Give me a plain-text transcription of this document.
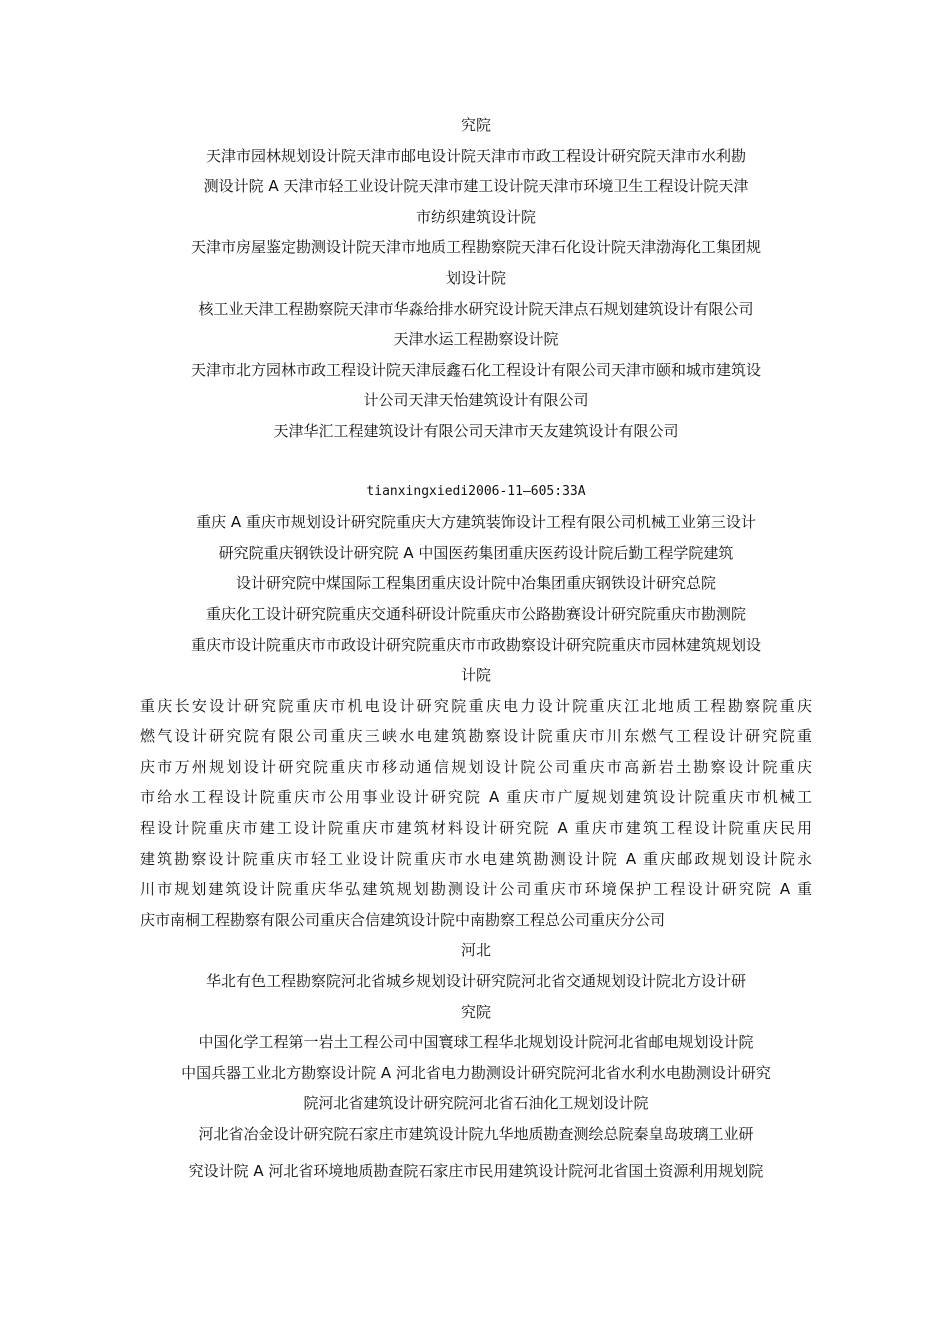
究院
天津市园林规划设计院天津市邮电设计院天津市市政工程设计研究院天津市水利勘
测设计院 A 天津市轻工业设计院天津市建工设计院天津市环境卫生工程设计院天津
市纺织建筑设计院
天津市房屋鉴定勘测设计院天津市地质工程勘察院天津石化设计院天津渤海化工集团规
划设计院
核工业天津工程勘察院天津市华淼给排水研究设计院天津点石规划建筑设计有限公司
天津水运工程勘察设计院
天津市北方园林市政工程设计院天津辰鑫石化工程设计有限公司天津市颐和城市建筑设
计公司天津天怡建筑设计有限公司
天津华汇工程建筑设计有限公司天津市天友建筑设计有限公司
tianxingxiedi2006-11—605:33A
重庆 A 重庆市规划设计研究院重庆大方建筑装饰设计工程有限公司机械工业第三设计
研究院重庆钢铁设计研究院 A 中国医药集团重庆医药设计院后勤工程学院建筑
设计研究院中煤国际工程集团重庆设计院中冶集团重庆钢铁设计研究总院
重庆化工设计研究院重庆交通科研设计院重庆市公路勘赛设计研究院重庆市勘测院
重庆市设计院重庆市市政设计研究院重庆市市政勘察设计研究院重庆市园林建筑规划设
计院
重庆长安设计研究院重庆市机电设计研究院重庆电力设计院重庆江北地质工程勘察院重庆
燃气设计研究院有限公司重庆三峡水电建筑勘察设计院重庆市川东燃气工程设计研究院重
庆市万州规划设计研究院重庆市移动通信规划设计院公司重庆市高新岩土勘察设计院重庆
市给水工程设计院重庆市公用事业设计研究院 A 重庆市广厦规划建筑设计院重庆市机械工
程设计院重庆市建工设计院重庆市建筑材料设计研究院 A 重庆市建筑工程设计院重庆民用
建筑勘察设计院重庆市轻工业设计院重庆市水电建筑勘测设计院 A 重庆邮政规划设计院永
川市规划建筑设计院重庆华弘建筑规划勘测设计公司重庆市环境保护工程设计研究院 A 重
庆市南桐工程勘察有限公司重庆合信建筑设计院中南勘察工程总公司重庆分公司
河北
华北有色工程勘察院河北省城乡规划设计研究院河北省交通规划设计院北方设计研
究院
中国化学工程第一岩土工程公司中国寰球工程华北规划设计院河北省邮电规划设计院
中国兵器工业北方勘察设计院 A 河北省电力勘测设计研究院河北省水利水电勘测设计研究
院河北省建筑设计研究院河北省石油化工规划设计院
河北省冶金设计研究院石家庄市建筑设计院九华地质勘查测绘总院秦皇岛玻璃工业研
究设计院 A 河北省环境地质勘查院石家庄市民用建筑设计院河北省国土资源利用规划院
